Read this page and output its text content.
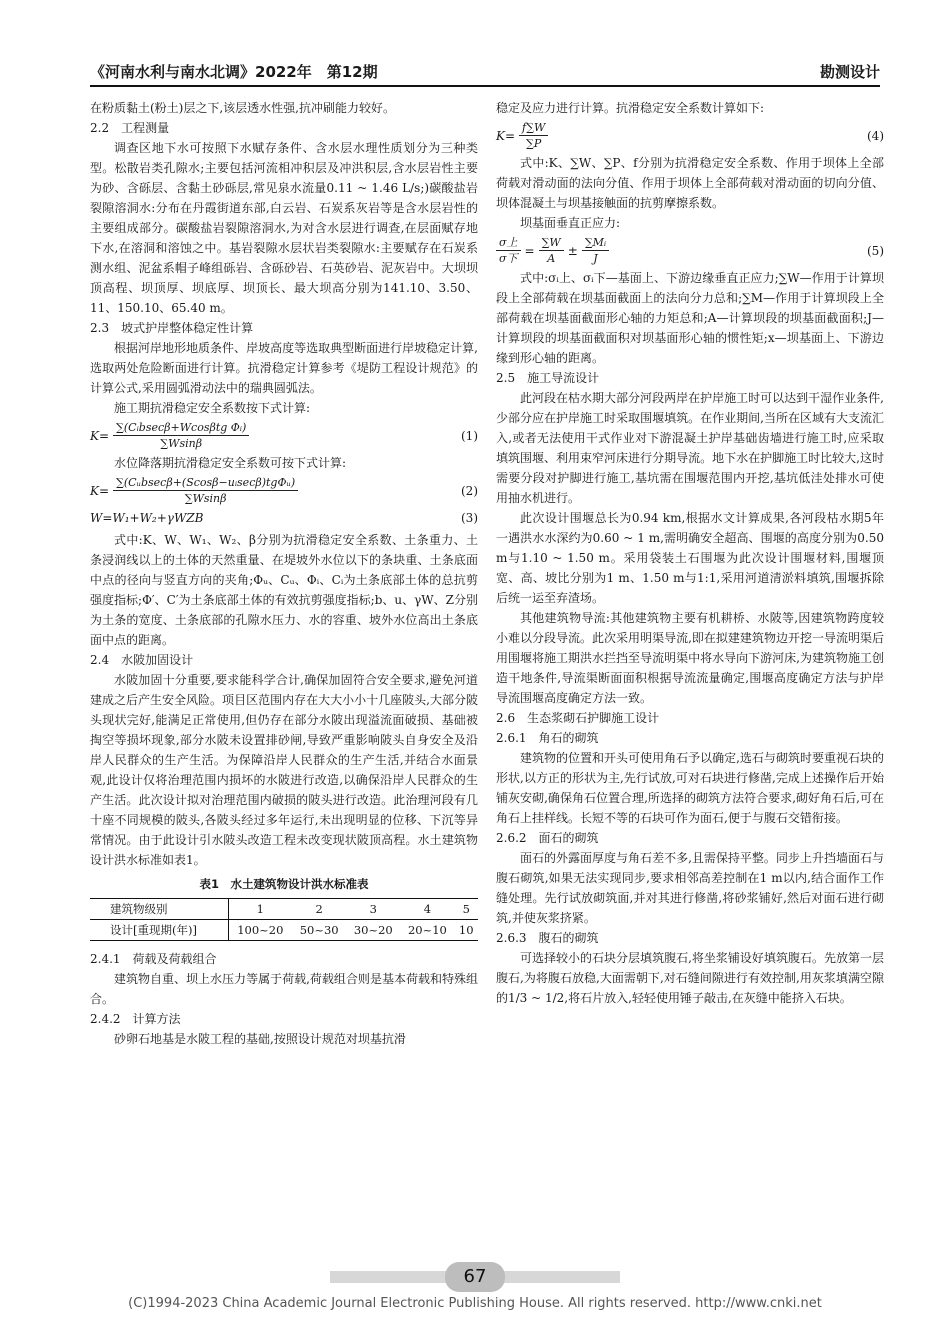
《河南水利与南水北调》2022年　第12期	勘测设计

在粉质黏土(粉土)层之下,该层透水性强,抗冲刷能力较好。

2.2　工程测量

调查区地下水可按照下水赋存条件、含水层水理性质划分为三种类型。松散岩类孔隙水;主要包括河流相冲积层及冲洪积层,含水层岩性主要为砂、含砾层、含黏土砂砾层,常见泉水流量0.11 ~ 1.46 L/s;)碳酸盐岩裂隙溶洞水:分布在丹霞街道东部,白云岩、石炭系灰岩等是含水层岩性的主要组成部分。碳酸盐岩裂隙溶洞水,为对含水层进行调查,在层面赋存地下水,在溶洞和溶蚀之中。基岩裂隙水层状岩类裂隙水:主要赋存在石炭系测水组、泥盆系帽子峰组砾岩、含砾砂岩、石英砂岩、泥灰岩中。大坝坝顶高程、坝顶厚、坝底厚、坝顶长、最大坝高分别为141.10、3.50、11、150.10、65.40 m。

2.3　坡式护岸整体稳定性计算

根据河岸地形地质条件、岸坡高度等选取典型断面进行岸坡稳定计算,选取两处危险断面进行计算。抗滑稳定计算参考《堤防工程设计规范》的计算公式,采用圆弧滑动法中的瑞典圆弧法。

施工期抗滑稳定安全系数按下式计算:

$K= \frac{\text{∑(Cᵢbsecβ+Wcosβtg Φᵢ)}}{\sum Wsin\beta}$	(1)

水位降落期抗滑稳定安全系数可按下式计算:

$K= \frac{\text{∑(Cᵤbsecβ+(Scosβ−uᵢsecβ)tgΦᵤ)}}{\sum Wsin\beta}$	(2)
W=W₁+W₂+γWZB	(3)

式中:K、W、W₁、W₂、β分别为抗滑稳定安全系数、土条重力、土条浸润线以上的土体的天然重量、在堤坡外水位以下的条块重、土条底面中点的径向与竖直方向的夹角;Φᵤ、Cᵤ、Φᵢ、Cᵢ为土条底部土体的总抗剪强度指标;Φ′、C′为土条底部土体的有效抗剪强度指标;b、u、γW、Z分别为土条的宽度、土条底部的孔隙水压力、水的容重、坡外水位高出土条底面中点的距离。

2.4　水陂加固设计

水陂加固十分重要,要求能科学合计,确保加固符合安全要求,避免河道建成之后产生安全风险。项目区范围内存在大大小小十几座陂头,大部分陂头现状完好,能满足正常使用,但仍存在部分水陂出现溢流面破损、基础被掏空等损坏现象,部分水陂未设置排砂闸,导致严重影响陂头自身安全及沿岸人民群众的生产生活。为保障沿岸人民群众的生产生活,并结合水面景观,此设计仅将治理范围内损坏的水陂进行改造,以确保沿岸人民群众的生产生活。此次设计拟对治理范围内破损的陂头进行改造。此治理河段有几十座不同规模的陂头,各陂头经过多年运行,未出现明显的位移、下沉等异常情况。由于此设计引水陂头改造工程未改变现状陂顶高程。水土建筑物设计洪水标准如表1。

表1　水土建筑物设计洪水标准表
建筑物级别	1	2	3	4	5
设计[重现期(年)]	100~20	50~30	30~20	20~10	10

2.4.1　荷载及荷载组合

建筑物自重、坝上水压力等属于荷载,荷载组合则是基本荷载和特殊组合。

2.4.2　计算方法

砂卵石地基是水陂工程的基础,按照设计规范对坝基抗滑

稳定及应力进行计算。抗滑稳定安全系数计算如下:

$K= \frac{f\sum W}{\sum P}$	(4)

式中:K、∑W、∑P、f分别为抗滑稳定安全系数、作用于坝体上全部荷载对滑动面的法向分值、作用于坝体上全部荷载对滑动面的切向分值、坝体混凝土与坝基接触面的抗剪摩擦系数。

坝基面垂直正应力:

$\frac{\text{σ上}}{\text{σ下}} = \frac{\sum W}{A} \pm \frac{\text{∑Mᵢ}}{J}$	(5)

式中:σᵢ上、σᵢ下—基面上、下游边缘垂直正应力;∑W—作用于计算坝段上全部荷载在坝基面截面上的法向分力总和;∑M—作用于计算坝段上全部荷载在坝基面截面形心轴的力矩总和;A—计算坝段的坝基面截面积;J—计算坝段的坝基面截面积对坝基面形心轴的惯性矩;x—坝基面上、下游边缘到形心轴的距离。

2.5　施工导流设计

此河段在枯水期大部分河段两岸在护岸施工时可以达到干湿作业条件,少部分应在护岸施工时采取围堰填筑。在作业期间,当所在区域有大支流汇入,或者无法使用干式作业对下游混凝土护岸基础齿墙进行施工时,应采取填筑围堰、利用束窄河床进行分期导流。地下水在护脚施工时比较大,这时需要分段对护脚进行施工,基坑需在围堰范围内开挖,基坑低洼处排水可使用抽水机进行。

此次设计围堰总长为0.94 km,根据水文计算成果,各河段枯水期5年一遇洪水水深约为0.60 ~ 1 m,需明确安全超高、围堰的高度分别为0.50 m与1.10 ~ 1.50 m。采用袋装土石围堰为此次设计围堰材料,围堰顶宽、高、坡比分别为1 m、1.50 m与1:1,采用河道清淤料填筑,围堰拆除后统一运至弃渣场。

其他建筑物导流:其他建筑物主要有机耕桥、水陂等,因建筑物跨度较小难以分段导流。此次采用明渠导流,即在拟建建筑物边开挖一导流明渠后用围堰将施工期洪水拦挡至导流明渠中将水导向下游河床,为建筑物施工创造干地条件,导流渠断面面积根据导流流量确定,围堰高度确定方法与护岸导流围堰高度确定方法一致。

2.6　生态浆砌石护脚施工设计

2.6.1　角石的砌筑

建筑物的位置和开头可使用角石予以确定,选石与砌筑时要重视石块的形状,以方正的形状为主,先行试放,可对石块进行修凿,完成上述操作后开始铺灰安砌,确保角石位置合理,所选择的砌筑方法符合要求,砌好角石后,可在角石上挂样线。长短不等的石块可作为面石,便于与腹石交错衔接。

2.6.2　面石的砌筑

面石的外露面厚度与角石差不多,且需保持平整。同步上升挡墙面石与腹石砌筑,如果无法实现同步,要求相邻高差控制在1 m以内,结合面作工作缝处理。先行试放砌筑面,并对其进行修凿,将砂浆铺好,然后对面石进行砌筑,并使灰浆挤紧。

2.6.3　腹石的砌筑

可选择较小的石块分层填筑腹石,将坐浆铺设好填筑腹石。先放第一层腹石,为将腹石放稳,大面需朝下,对石缝间隙进行有效控制,用灰浆填满空隙的1/3 ~ 1/2,将石片放入,轻轻使用锤子敲击,在灰缝中能挤入石块。

67
(C)1994-2023 China Academic Journal Electronic Publishing House. All rights reserved. http://www.cnki.net
